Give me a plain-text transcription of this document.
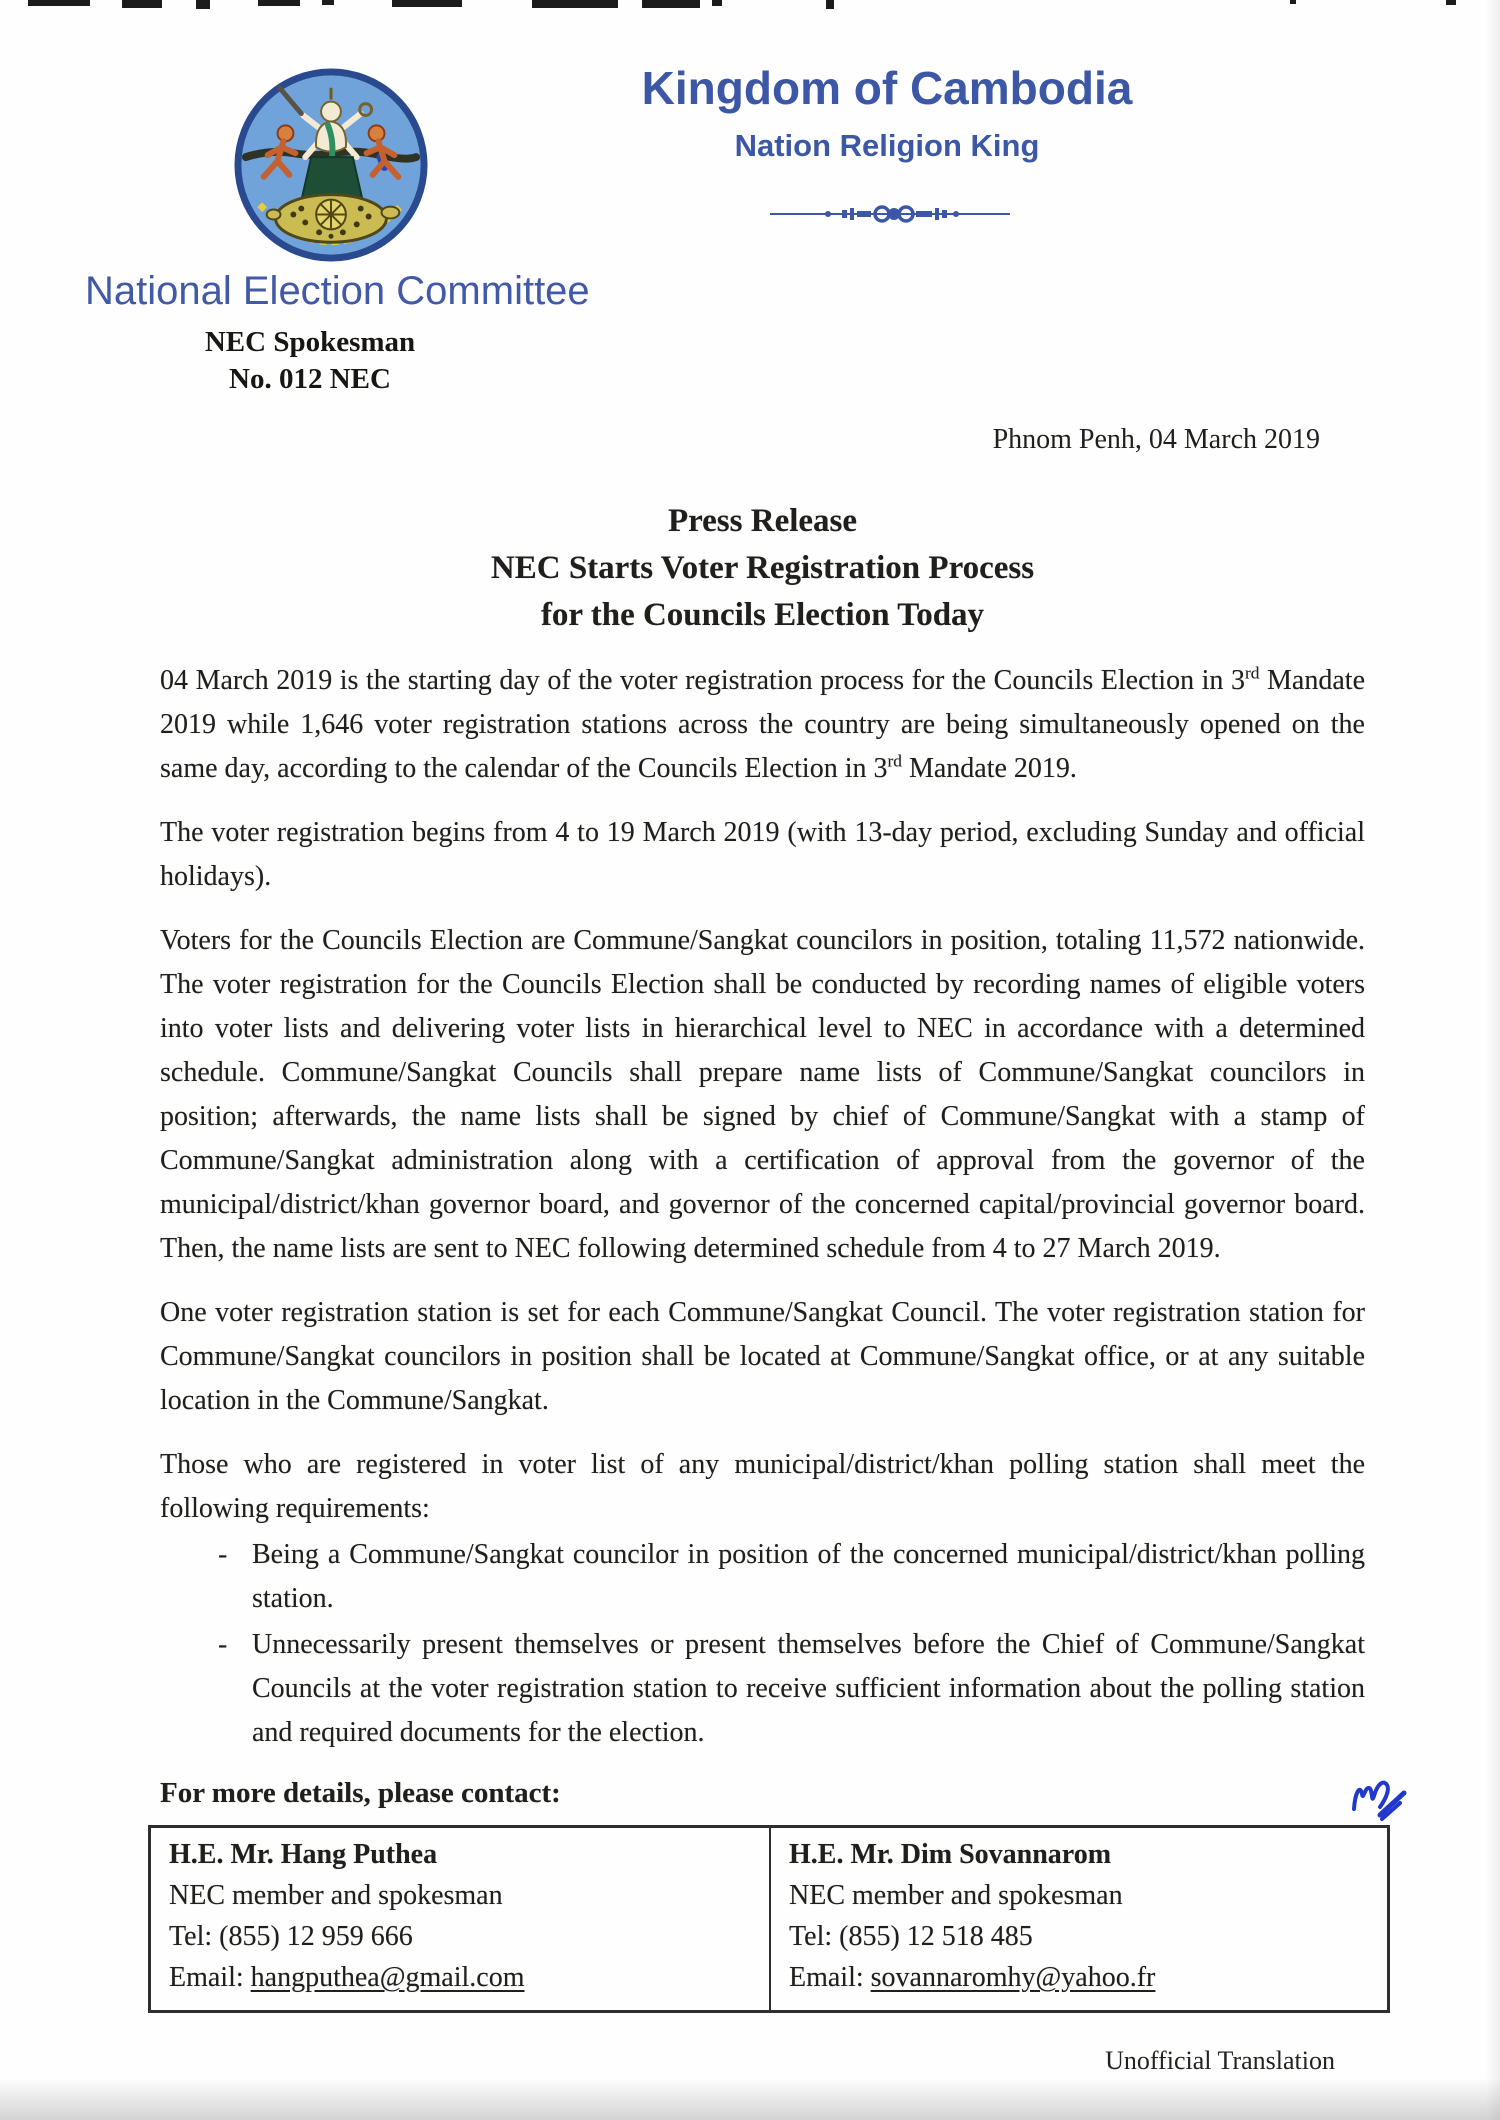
Kingdom of Cambodia
Nation Religion King
National Election Committee
NEC Spokesman
No. 012 NEC
Phnom Penh, 04 March 2019
Press Release
NEC Starts Voter Registration Process
for the Councils Election Today

04 March 2019 is the starting day of the voter registration process for the Councils Election in 3rd Mandate 2019 while 1,646 voter registration stations across the country are being simultaneously opened on the same day, according to the calendar of the Councils Election in 3rd Mandate 2019.

The voter registration begins from 4 to 19 March 2019 (with 13-day period, excluding Sunday and official holidays).

Voters for the Councils Election are Commune/Sangkat councilors in position, totaling 11,572 nationwide. The voter registration for the Councils Election shall be conducted by recording names of eligible voters into voter lists and delivering voter lists in hierarchical level to NEC in accordance with a determined schedule. Commune/Sangkat Councils shall prepare name lists of Commune/Sangkat councilors in position; afterwards, the name lists shall be signed by chief of Commune/Sangkat with a stamp of Commune/Sangkat administration along with a certification of approval from the governor of the municipal/district/khan governor board, and governor of the concerned capital/provincial governor board. Then, the name lists are sent to NEC following determined schedule from 4 to 27 March 2019.

One voter registration station is set for each Commune/Sangkat Council. The voter registration station for Commune/Sangkat councilors in position shall be located at Commune/Sangkat office, or at any suitable location in the Commune/Sangkat.

Those who are registered in voter list of any municipal/district/khan polling station shall meet the following requirements:

- Being a Commune/Sangkat councilor in position of the concerned municipal/district/khan polling station.
- Unnecessarily present themselves or present themselves before the Chief of Commune/Sangkat Councils at the voter registration station to receive sufficient information about the polling station and required documents for the election.
For more details, please contact:
H.E. Mr. Hang Puthea
NEC member and spokesman
Tel: (855) 12 959 666
Email: hangputhea@gmail.com
H.E. Mr. Dim Sovannarom
NEC member and spokesman
Tel: (855) 12 518 485
Email: sovannaromhy@yahoo.fr
Unofficial Translation
